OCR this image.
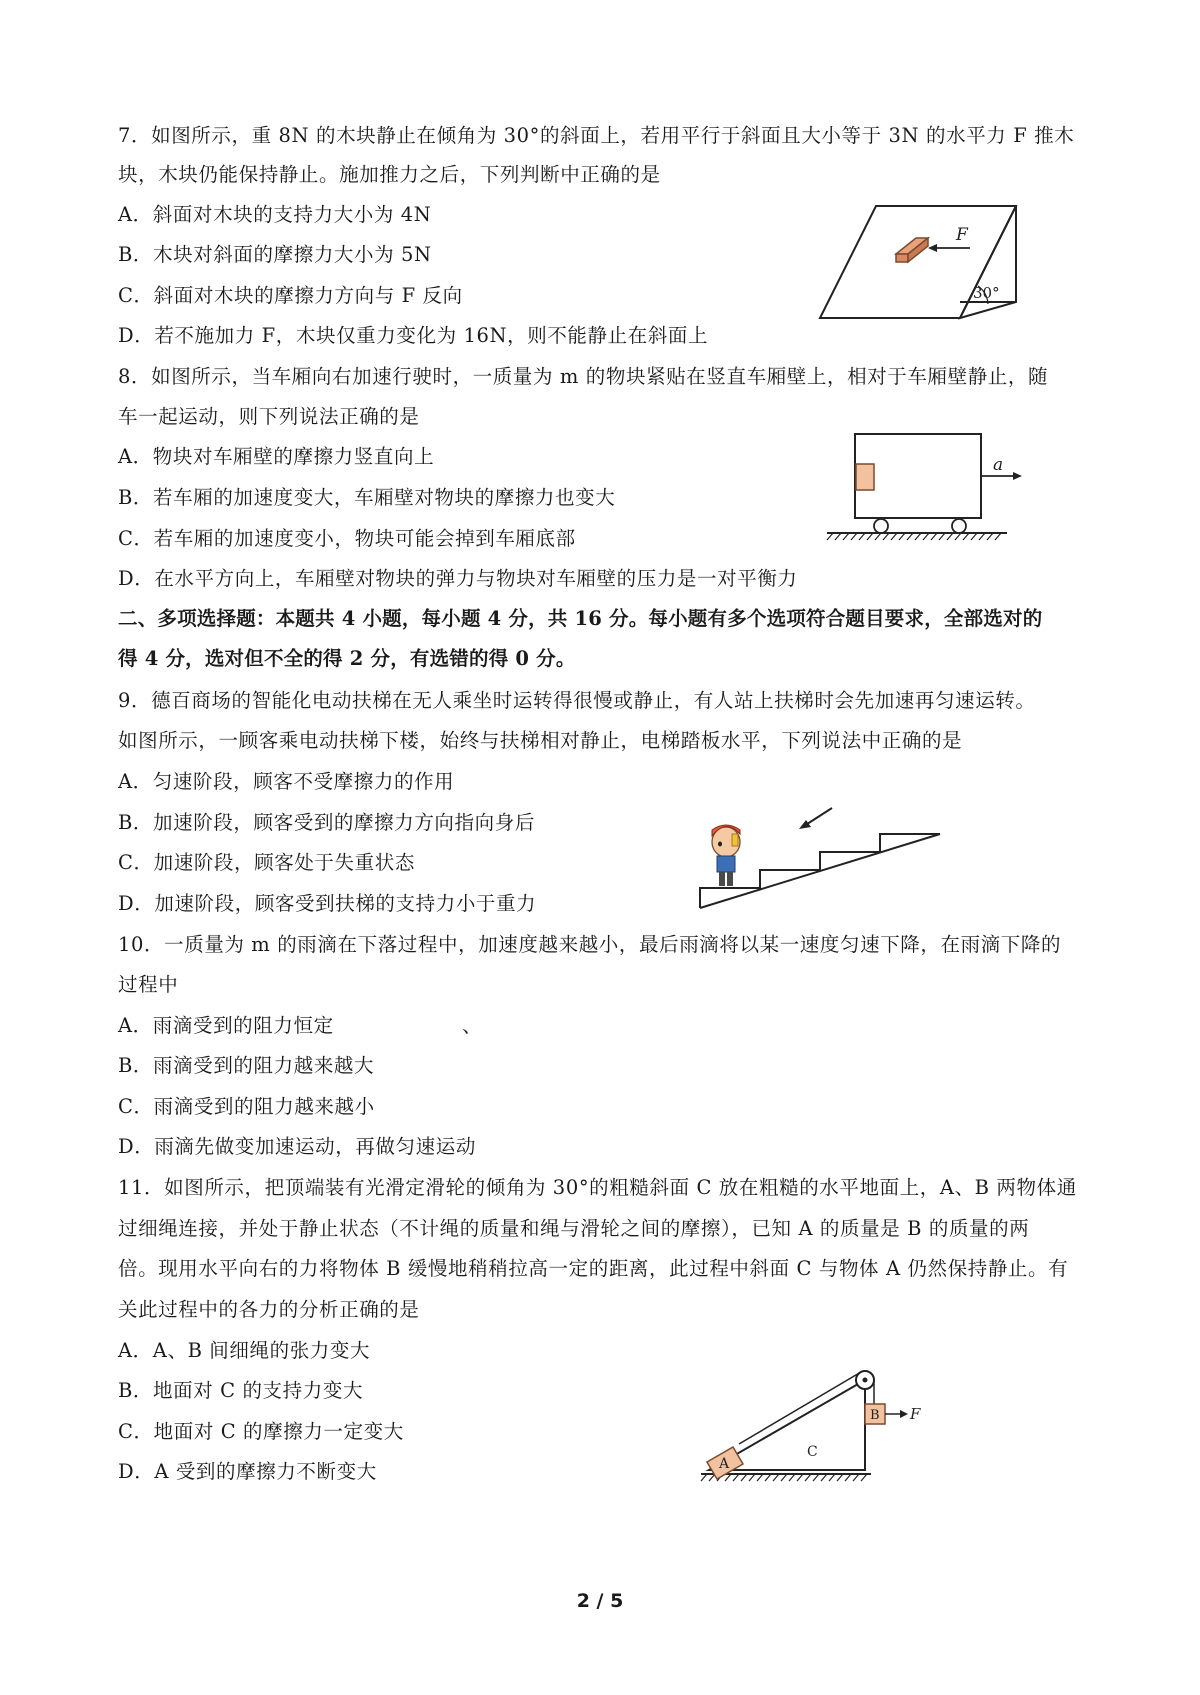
7．如图所示，重 8N 的木块静止在倾角为 30°的斜面上，若用平行于斜面且大小等于 3N 的水平力 F 推木
块，木块仍能保持静止。施加推力之后，下列判断中正确的是
A．斜面对木块的支持力大小为 4N
B．木块对斜面的摩擦力大小为 5N
C．斜面对木块的摩擦力方向与 F 反向
D．若不施加力 F，木块仅重力变化为 16N，则不能静止在斜面上
F
30°
8．如图所示，当车厢向右加速行驶时，一质量为 m 的物块紧贴在竖直车厢壁上，相对于车厢壁静止，随
车一起运动，则下列说法正确的是
A．物块对车厢壁的摩擦力竖直向上
B．若车厢的加速度变大，车厢壁对物块的摩擦力也变大
C．若车厢的加速度变小，物块可能会掉到车厢底部
D．在水平方向上，车厢壁对物块的弹力与物块对车厢壁的压力是一对平衡力
a
二、多项选择题：本题共 4 小题，每小题 4 分，共 16 分。每小题有多个选项符合题目要求，全部选对的
得 4 分，选对但不全的得 2 分，有选错的得 0 分。
9．德百商场的智能化电动扶梯在无人乘坐时运转得很慢或静止，有人站上扶梯时会先加速再匀速运转。
如图所示，一顾客乘电动扶梯下楼，始终与扶梯相对静止，电梯踏板水平，下列说法中正确的是
A．匀速阶段，顾客不受摩擦力的作用
B．加速阶段，顾客受到的摩擦力方向指向身后
C．加速阶段，顾客处于失重状态
D．加速阶段，顾客受到扶梯的支持力小于重力
10．一质量为 m 的雨滴在下落过程中，加速度越来越小，最后雨滴将以某一速度匀速下降，在雨滴下降的
过程中
A．雨滴受到的阻力恒定	、
B．雨滴受到的阻力越来越大
C．雨滴受到的阻力越来越小
D．雨滴先做变加速运动，再做匀速运动
11．如图所示，把顶端装有光滑定滑轮的倾角为 30°的粗糙斜面 C 放在粗糙的水平地面上，A、B 两物体通
过细绳连接，并处于静止状态（不计绳的质量和绳与滑轮之间的摩擦），已知 A 的质量是 B 的质量的两
倍。现用水平向右的力将物体 B 缓慢地稍稍拉高一定的距离，此过程中斜面 C 与物体 A 仍然保持静止。有
关此过程中的各力的分析正确的是
A．A、B 间细绳的张力变大
B．地面对 C 的支持力变大
C．地面对 C 的摩擦力一定变大
D．A 受到的摩擦力不断变大	A
B
C
F
2 / 5
